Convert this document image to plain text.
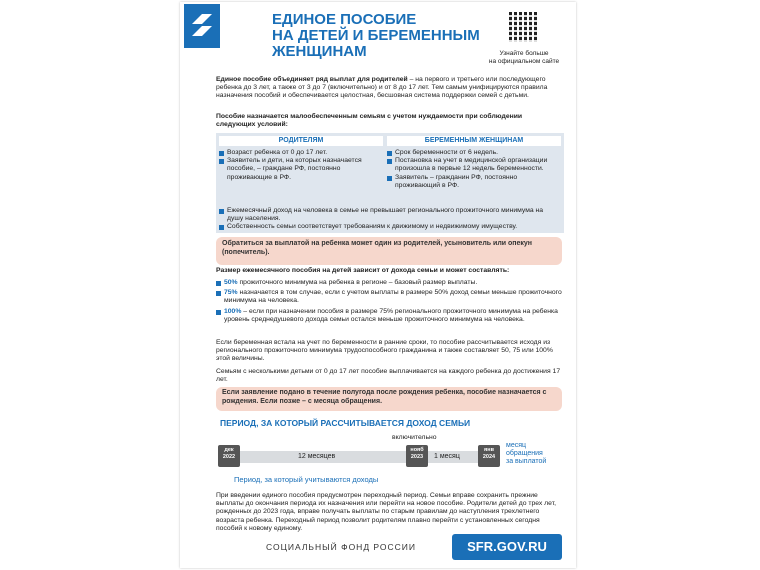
ЕДИНОЕ ПОСОБИЕ
НА ДЕТЕЙ И БЕРЕМЕННЫМ
ЖЕНЩИНАМ	Узнайте больше
на официальном сайте
Единое пособие объединяет ряд выплат для родителей – на первого и третьего или последующего ребенка до 3 лет, а также от 3 до 7 (включительно) и от 8 до 17 лет. Тем самым унифицируются правила назначения пособий и обеспечивается целостная, бесшовная система поддержки семей с детьми.
Пособие назначается малообеспеченным семьям с учетом нуждаемости при соблюдении следующих условий:
РОДИТЕЛЯМ	БЕРЕМЕННЫМ ЖЕНЩИНАМ
Возраст ребенка от 0 до 17 лет.
Заявитель и дети, на которых назначается пособие, – граждане РФ, постоянно проживающие в РФ.
Срок беременности от 6 недель.
Постановка на учет в медицинской организации произошла в первые 12 недель беременности.
Заявитель – гражданин РФ, постоянно проживающий в РФ.
Ежемесячный доход на человека в семье не превышает регионального прожиточного минимума на душу населения.
Собственность семьи соответствует требованиям к движимому и недвижимому имуществу.
Обратиться за выплатой на ребенка может один из родителей, усыновитель или опекун (попечитель).
Размер ежемесячного пособия на детей зависит от дохода семьи и может составлять:
50% прожиточного минимума на ребенка в регионе – базовый размер выплаты.
75% назначается в том случае, если с учетом выплаты в размере 50% доход семьи меньше прожиточного минимума на человека.
100% – если при назначении пособия в размере 75% регионального прожиточного минимума на ребенка уровень среднедушевого дохода семьи остался меньше прожиточного минимума на человека.
Если беременная встала на учет по беременности в ранние сроки, то пособие рассчитывается исходя из регионального прожиточного минимума трудоспособного гражданина и также составляет 50, 75 или 100% этой величины.
Семьям с несколькими детьми от 0 до 17 лет пособие выплачивается на каждого ребенка до достижения 17 лет.
Если заявление подано в течение полугода после рождения ребенка, пособие назначается с рождения. Если позже – с месяца обращения.
ПЕРИОД, ЗА КОТОРЫЙ РАССЧИТЫВАЕТСЯ ДОХОД СЕМЬИ
включительно
дек
2022
нояб
2023
янв
2024
12 месяцев	1 месяц
месяц
обращения
за выплатой
Период, за который учитываются доходы
При введении единого пособия предусмотрен переходный период. Семьи вправе сохранить прежние выплаты до окончания периода их назначения или перейти на новое пособие. Родители детей до трех лет, рожденных до 2023 года, вправе получать выплаты по старым правилам до наступления трехлетнего возраста ребенка. Переходный период позволит родителям плавно перейти с установленных сегодня пособий к новому единому.
СОЦИАЛЬНЫЙ ФОНД РОССИИ	SFR.GOV.RU
